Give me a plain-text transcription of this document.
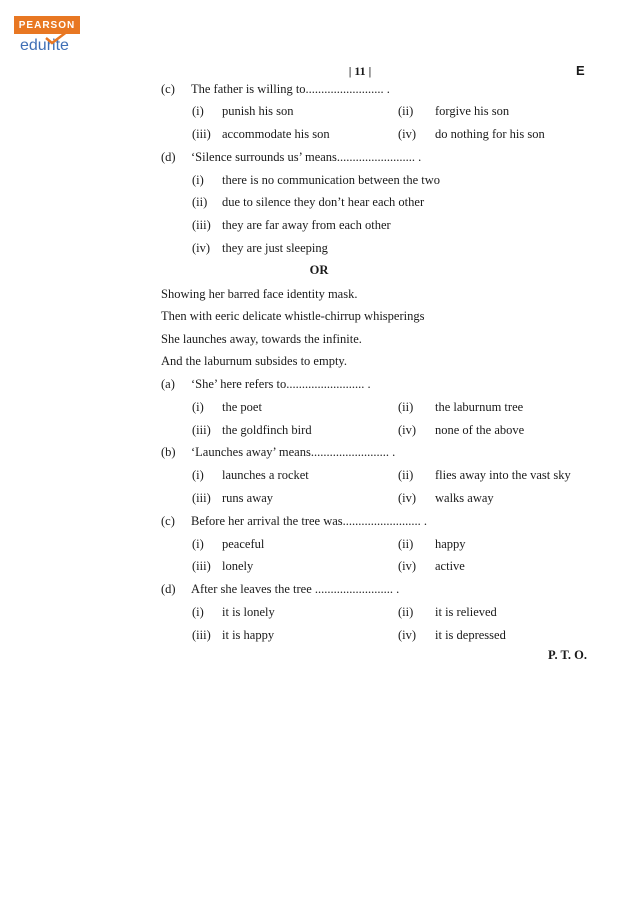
PEARSON
edurite
| 11 |	E
(c) The father is willing to......................... .
(i) punish his son	(ii) forgive his son
(iii) accommodate his son	(iv) do nothing for his son
(d) ‘Silence surrounds us’ means......................... .
(i) there is no communication between the two
(ii) due to silence they don’t hear each other
(iii) they are far away from each other
(iv) they are just sleeping
OR
Showing her barred face identity mask.
Then with eeric delicate whistle-chirrup whisperings
She launches away, towards the infinite.
And the laburnum subsides to empty.
(a) ‘She’ here refers to......................... .
(i) the poet	(ii) the laburnum tree
(iii) the goldfinch bird	(iv) none of the above
(b) ‘Launches away’ means......................... .
(i) launches a rocket	(ii) flies away into the vast sky
(iii) runs away	(iv) walks away
(c) Before her arrival the tree was......................... .
(i) peaceful	(ii) happy
(iii) lonely	(iv) active
(d) After she leaves the tree ......................... .
(i) it is lonely	(ii) it is relieved
(iii) it is happy	(iv) it is depressed
P. T. O.
